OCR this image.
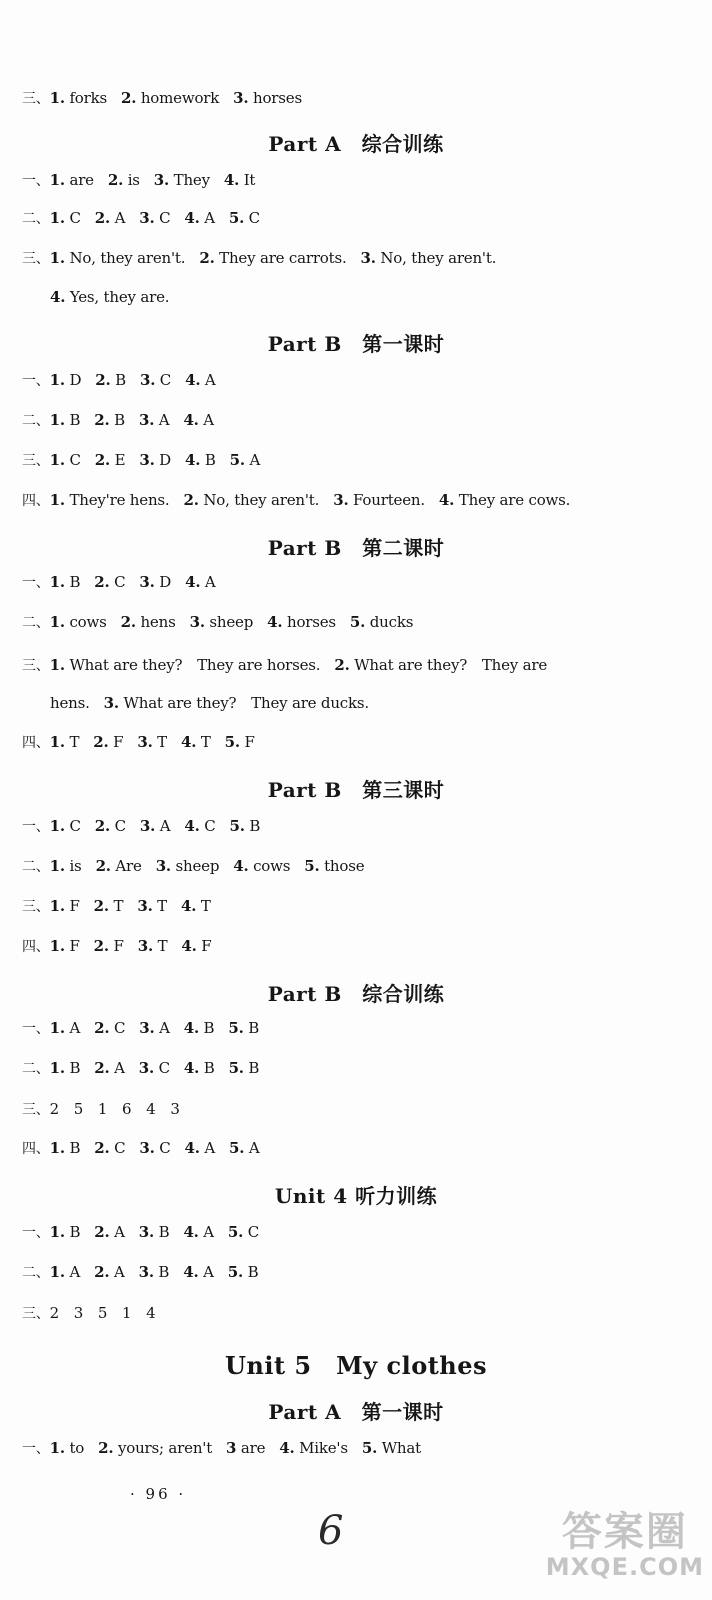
三、1. forks 2. homework 3. horses
Part A　综合训练
一、1. are 2. is 3. They 4. It
二、1. C 2. A 3. C 4. A 5. C
三、1. No, they aren't. 2. They are carrots. 3. No, they aren't.
4. Yes, they are.
Part B　第一课时
一、1. D 2. B 3. C 4. A
二、1. B 2. B 3. A 4. A
三、1. C 2. E 3. D 4. B 5. A
四、1. They're hens. 2. No, they aren't. 3. Fourteen. 4. They are cows.
Part B　第二课时
一、1. B 2. C 3. D 4. A
二、1. cows 2. hens 3. sheep 4. horses 5. ducks
三、1. What are they?　They are horses. 2. What are they?　They are
hens. 3. What are they?　They are ducks.
四、1. T 2. F 3. T 4. T 5. F
Part B　第三课时
一、1. C 2. C 3. A 4. C 5. B
二、1. is 2. Are 3. sheep 4. cows 5. those
三、1. F 2. T 3. T 4. T
四、1. F 2. F 3. T 4. F
Part B　综合训练
一、1. A 2. C 3. A 4. B 5. B
二、1. B 2. A 3. C 4. B 5. B
三、2　5　1　6　4　3
四、1. B 2. C 3. C 4. A 5. A
Unit 4 听力训练
一、1. B 2. A 3. B 4. A 5. C
二、1. A 2. A 3. B 4. A 5. B
三、2　3　5　1　4
Unit 5　My clothes
Part A　第一课时
一、1. to 2. yours; aren't 3 are 4. Mike's 5. What
· 96 ·
6	答案圈
MXQE.COM
